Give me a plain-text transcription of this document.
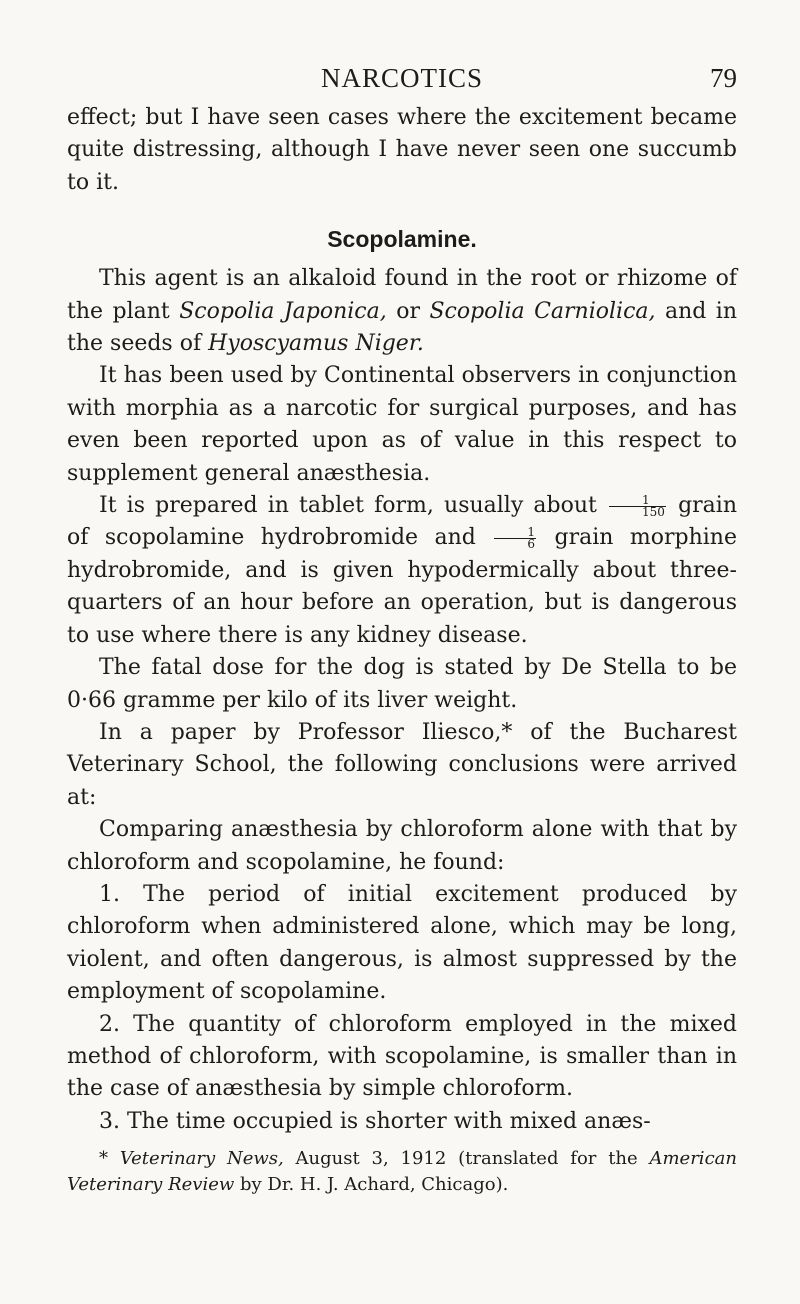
NARCOTICS	79

effect; but I have seen cases where the excitement became quite distressing, although I have never seen one succumb to it.

Scopolamine.

This agent is an alkaloid found in the root or rhizome of the plant Scopolia Japonica, or Scopolia Carniolica, and in the seeds of Hyoscyamus Niger.

It has been used by Continental observers in conjunction with morphia as a narcotic for surgical purposes, and has even been reported upon as of value in this respect to supplement general anæsthesia.

It is prepared in tablet form, usually about $\frac{1}{150}$ grain of scopolamine hydrobromide and $\frac{1}{6}$ grain morphine hydrobromide, and is given hypodermically about three-quarters of an hour before an operation, but is dangerous to use where there is any kidney disease.

The fatal dose for the dog is stated by De Stella to be 0·66 gramme per kilo of its liver weight.

In a paper by Professor Iliesco,* of the Bucharest Veterinary School, the following conclusions were arrived at:

Comparing anæsthesia by chloroform alone with that by chloroform and scopolamine, he found:

1. The period of initial excitement produced by chloroform when administered alone, which may be long, violent, and often dangerous, is almost suppressed by the employment of scopolamine.

2. The quantity of chloroform employed in the mixed method of chloroform, with scopolamine, is smaller than in the case of anæsthesia by simple chloroform.

3. The time occupied is shorter with mixed anæs-

* Veterinary News, August 3, 1912 (translated for the American Veterinary Review by Dr. H. J. Achard, Chicago).
